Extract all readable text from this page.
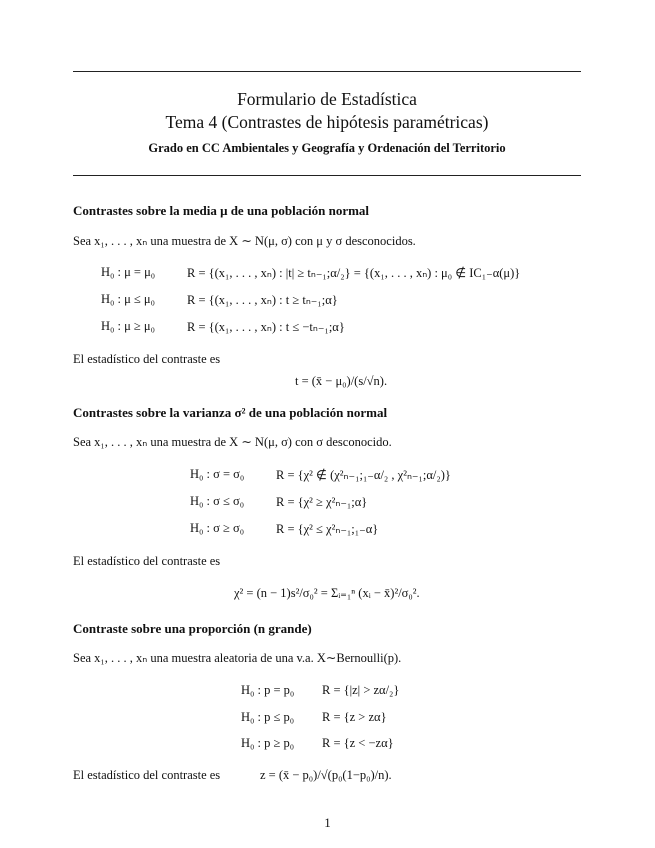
Formulario de Estadística
Tema 4 (Contrastes de hipótesis paramétricas)
Grado en CC Ambientales y Geografía y Ordenación del Territorio
Contrastes sobre la media μ de una población normal
Sea x₁, . . . , xₙ una muestra de X ∼ N(μ, σ) con μ y σ desconocidos.
H₀ : μ = μ₀	R = {(x₁, . . . , xₙ) : |t| ≥ tₙ₋₁;α/₂} = {(x₁, . . . , xₙ) : μ₀ ∉ IC₁₋α(μ)}
H₀ : μ ≤ μ₀	R = {(x₁, . . . , xₙ) : t ≥ tₙ₋₁;α}
H₀ : μ ≥ μ₀	R = {(x₁, . . . , xₙ) : t ≤ −tₙ₋₁;α}
El estadístico del contraste es
t = (x̄ − μ₀)/(s/√n).
Contrastes sobre la varianza σ² de una población normal
Sea x₁, . . . , xₙ una muestra de X ∼ N(μ, σ) con σ desconocido.
H₀ : σ = σ₀	R = {χ² ∉ (χ²ₙ₋₁;₁₋α/₂ , χ²ₙ₋₁;α/₂)}
H₀ : σ ≤ σ₀	R = {χ² ≥ χ²ₙ₋₁;α}
H₀ : σ ≥ σ₀	R = {χ² ≤ χ²ₙ₋₁;₁₋α}
El estadístico del contraste es
χ² = (n − 1)s²/σ₀² = Σᵢ₌₁ⁿ (xᵢ − x̄)²/σ₀².
Contraste sobre una proporción (n grande)
Sea x₁, . . . , xₙ una muestra aleatoria de una v.a. X∼Bernoulli(p).
H₀ : p = p₀ R = {|z| > zα/₂}
H₀ : p ≤ p₀ R = {z > zα}
H₀ : p ≥ p₀ R = {z < −zα}
El estadístico del contraste es	z = (x̄ − p₀)/√(p₀(1−p₀)/n).
1
